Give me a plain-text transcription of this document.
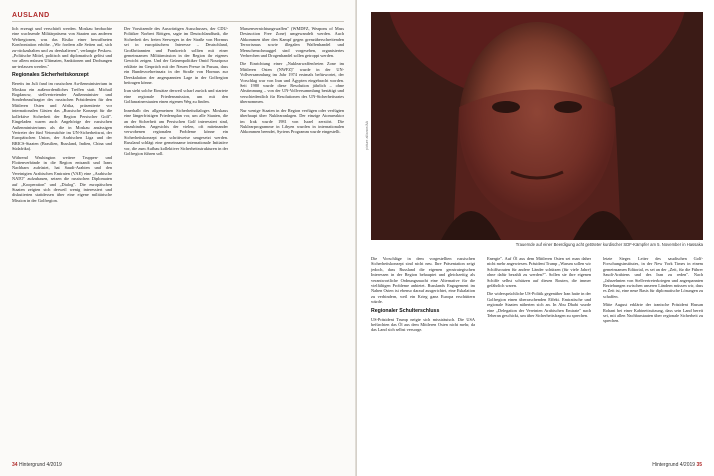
AUSLAND

lich erzeugt und verschärft werden. Moskau beobachte eine wachsende Militärpräsenz von Staaten aus anderen Weltregionen, was das Risiko einer bewaffneten Konfrontation erhöhe. „Wir fordern alle Seiten auf, sich zu-rückzuhalten und zu deeskalieren", verlangte Peskow. „Politische Mittel, politisch und diplomatisch gelöst und vor allem müssen Ultimaten, Sanktionen und Drohungen un-terlassen werden."

Regionales Sicherheitskonzept

Bereits im Juli fand im russischen Au-ßenministerium in Moskau ein außerordentliches Treffen statt. Michail Bogdanow, stellvertretender Außenminister und Sonderbeauftragter des russischen Präsidenten für den Mittleren Osten und Afrika, präsentierte vor internationalen Gästen das „Russische Konzept für die kollektive Sicherheit der Region Persischer Golf". Eingeladen waren auch Angehörige der russischen Außenministeriums als die in Moskau ansässigen Vertreter der fünf Vetomächte im UN-Sicherheitsrat, der Europäischen Union, der Arabischen Liga und der BRICS-Staaten (Brasilien, Russland, Indien, China und Südafrika).

Während Washington weitere Truppen- und Flottenverbände in die Region entsandt und Irans Nachbarn aufrüstet, hat Saudi-Arabien und den Vereinigten Arabischen Emiraten (VAE) eine „Arabische NATO" aufzubauen, setzen die russischen Diplomaten auf „Kooperation" und „Dialog". Die europäischen Staaten zeigten sich derweil wenig interessiert und diskutierten stattdessen über eine eigene militärische Mission in der Golfregion.

Der Vorsitzende des Auswärtigen Ausschusses, der CDU-Politiker Norbert Röttgen, sagte im Deutschlandfunk, die Sicherheit des freien Seeweges in der Straße von Hormus sei in europäischem Interesse – Deutschland, Großbritannien und Frankreich sollten mit einer gemeinsamen Militärmission in der Region ihr eigenes Gewicht zeigen. Und der Grünenpolitiker Omid Nouripour erklärte im Gespräch mit der Neuen Presse in Passau, dass ein Bundeswehreinsatz in der Straße von Hormus zur Deeskalation der angespannten Lage in der Golfregion beitragen könne.

Iran sieht solche Einsätze derweil scharf zurück und startete eine regionale Friedensmission, um mit den Golfanrainerstaaten einen eigenen Weg zu finden.

Innerhalb des allgemeinen Sicherheitsdialoges Moskaus eine längerfristigen Friedensplan vor, um alle Staaten, die an der Sicherheit am Persischen Golf interessiert sind, einzubinden. Angesichts der vielen, oft miteinander verwobenen regionalen Probleme könne ein Sicherheitskonzept nur schrittweise umgesetzt werden. Russland schlägt eine gemeinsame internationale Initiative vor, die zum Aufbau kollektiver Sicherheitsstrukturen in der Golfregion führen soll.

Massenvernichtungswaffen" (WMDFZ, Weapons of Mass Destruction Free Zone) umgewandelt werden. Auch Abkommen über den Kampf gegen grenzüberschreitenden Terrorismus sowie illegalen Waffenhandel und Menschenschmuggel sind vorgesehen, organisiertes Verbrechen und Drogenhandel sollen getroppt werden.

Die Einrichtung einer „Nuklearwaffenfreien Zone im Mittleren Osten (NWFZ)" wurde in der UN-Vollversammlung im Jahr 1974 erstmals befürwortet, der Vorschlag war von Iran und Ägypten eingebracht worden. Seit 1980 wurde diese Resolution jährlich – ohne Abstimmung – von der UN-Vollversammlung bestätigt und verschiedentlich für Resolutionen des UN-Sicherheitsrates übernommen.

Nur wenige Staaten in der Region verfügen oder verfügten überhaupt über Nuklearanlagen. Der einzige Atomreaktor im Irak wurde 1981 von Israel zerstört. Die Nuklearprogramme in Libyen wurden in internationalen Abkommen beendet, Syriens Programm wurde eingestellt.

34 Hintergrund 4/2019
picture alliance/AA
Trauernde auf einer Beerdigung acht getöteter kurdischer SDF-Kämpfer am 5. November in Hassaka

Die Vorschläge in dem vorgestellten russischen Sicherheitskonzept sind nicht neu. Ihre Präsentation zeigt jedoch, dass Russland die eigenen geostrategischen Interessen in der Region behauptet und gleichzeitig als verantwortliche Ordnungsmacht eine Alternative für die vielfältigen Probleme anbietet. Russlands Engagement im Nahen Osten ist ebenso darauf ausgerichtet, eine Eskalation zu verhindern, weil ein Krieg ganz Europa erschüttern würde.

Regionaler Schulterschluss

US-Präsident Trump neigte sich missträuisch. Die USA befürchten das Öl aus dem Mittleren Osten nicht mehr, da das Land sich selbst versorge.

Energie". Auf Öl aus dem Mittleren Osten sei man daher nicht mehr angewiesen. Präsident Trump „Warum sollen wir Schiffsrouten für andere Länder schützen (für viele Jahre) ohne dafür bezahlt zu werden?". Sollen sie ihre eigenen Schiffe selbst schützen auf diesen Routen, die immer gefährlich waren.

Die widersprüchliche US-Politik gegenüber Iran hatte in der Golfregion einen überraschenden Effekt. Emiratische und regionale Staaten näherten sich an. In Abu Dhabi wurde eine „Delegation der Vereinten Arabischen Emirate" nach Teheran geschickt, um über Sicherheitsfragen zu sprechen.

letzte Sieger. Leiter des saudischen Golf-Forschungsinstitutes, in der New York Times in einem gemeinsamen Editorial, es sei an der „Zeit, für die Führer Saudi-Arabiens und des Iran zu reden". Nach „Jahrzehnten von Stellvertreterkriegen und angespannten Beziehungen zwischen unseren Ländern müssen wir, dass es Zeit ist, eine neue Basis für diplomatische Lösungen zu schaffen.

Mitte August erklärte der iranische Präsident Hassan Rohani bei einer Kabinettssitzung, dass sein Land bereit sei, mit allen Nachbarstaaten über regionale Sicherheit zu sprechen.

Hintergrund 4/2019 35
